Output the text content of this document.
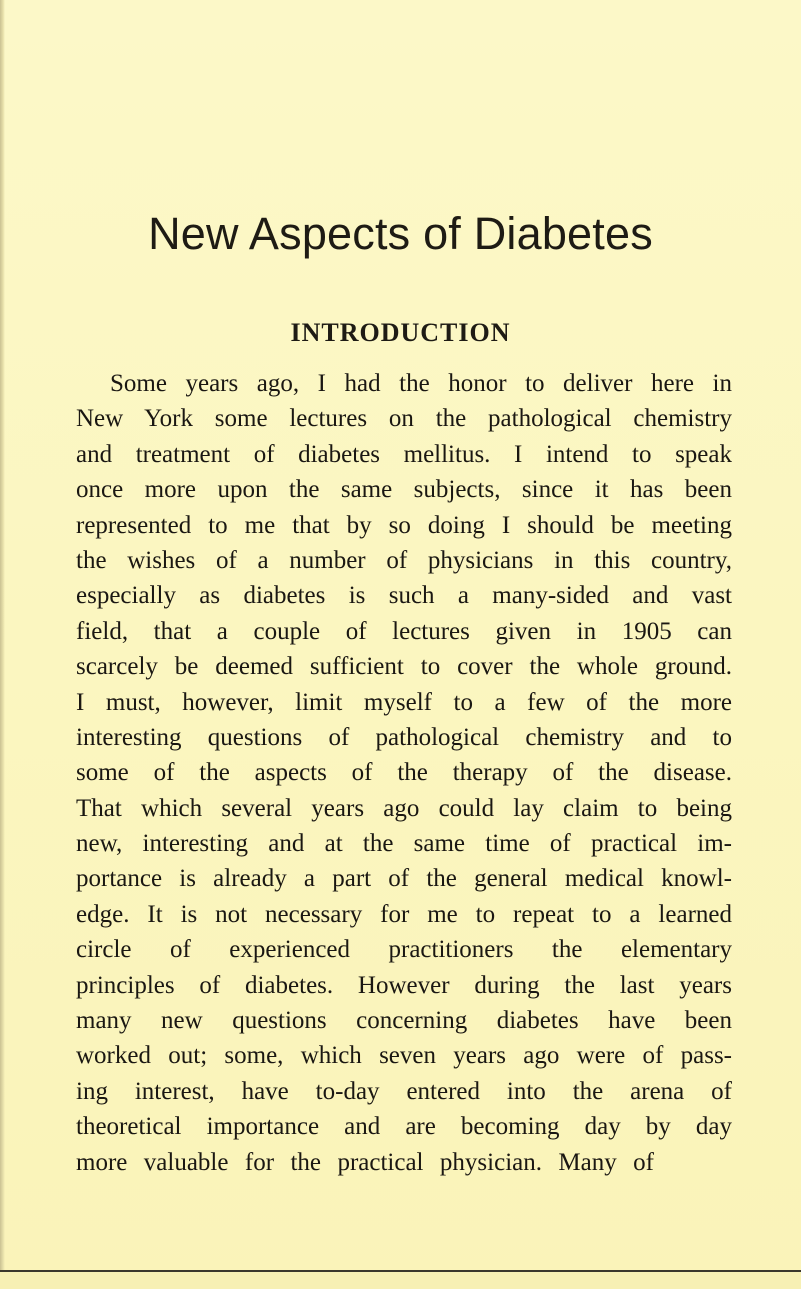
New Aspects of Diabetes
INTRODUCTION
Some years ago, I had the honor to deliver here in
New York some lectures on the pathological chemistry
and treatment of diabetes mellitus. I intend to speak
once more upon the same subjects, since it has been
represented to me that by so doing I should be meeting
the wishes of a number of physicians in this country,
especially as diabetes is such a many-sided and vast
field, that a couple of lectures given in 1905 can
scarcely be deemed sufficient to cover the whole ground.
I must, however, limit myself to a few of the more
interesting questions of pathological chemistry and to
some of the aspects of the therapy of the disease.
That which several years ago could lay claim to being
new, interesting and at the same time of practical im-
portance is already a part of the general medical knowl-
edge. It is not necessary for me to repeat to a learned
circle of experienced practitioners the elementary
principles of diabetes. However during the last years
many new questions concerning diabetes have been
worked out; some, which seven years ago were of pass-
ing interest, have to-day entered into the arena of
theoretical importance and are becoming day by day
more valuable for the practical physician. Many of
